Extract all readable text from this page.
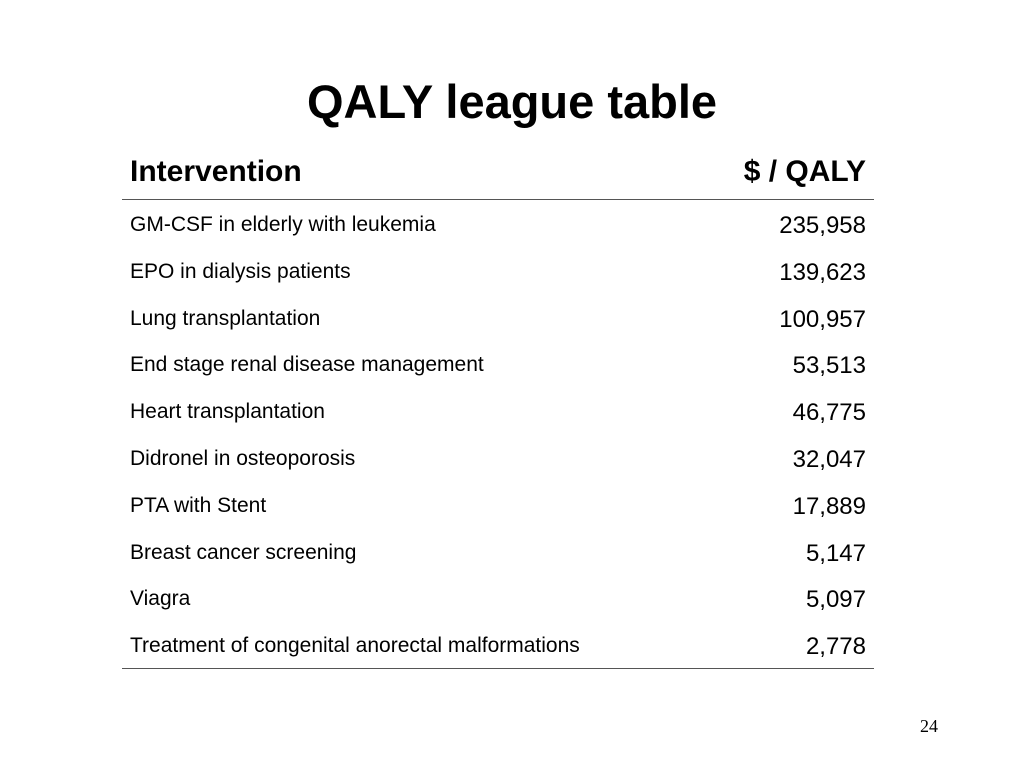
QALY league table
Intervention	$ / QALY
GM-CSF in elderly with leukemia	235,958
EPO in dialysis patients	139,623
Lung transplantation	100,957
End stage renal disease management	53,513
Heart transplantation	46,775
Didronel in osteoporosis	32,047
PTA with Stent	17,889
Breast cancer screening	5,147
Viagra	5,097
Treatment of congenital anorectal malformations	2,778
24
